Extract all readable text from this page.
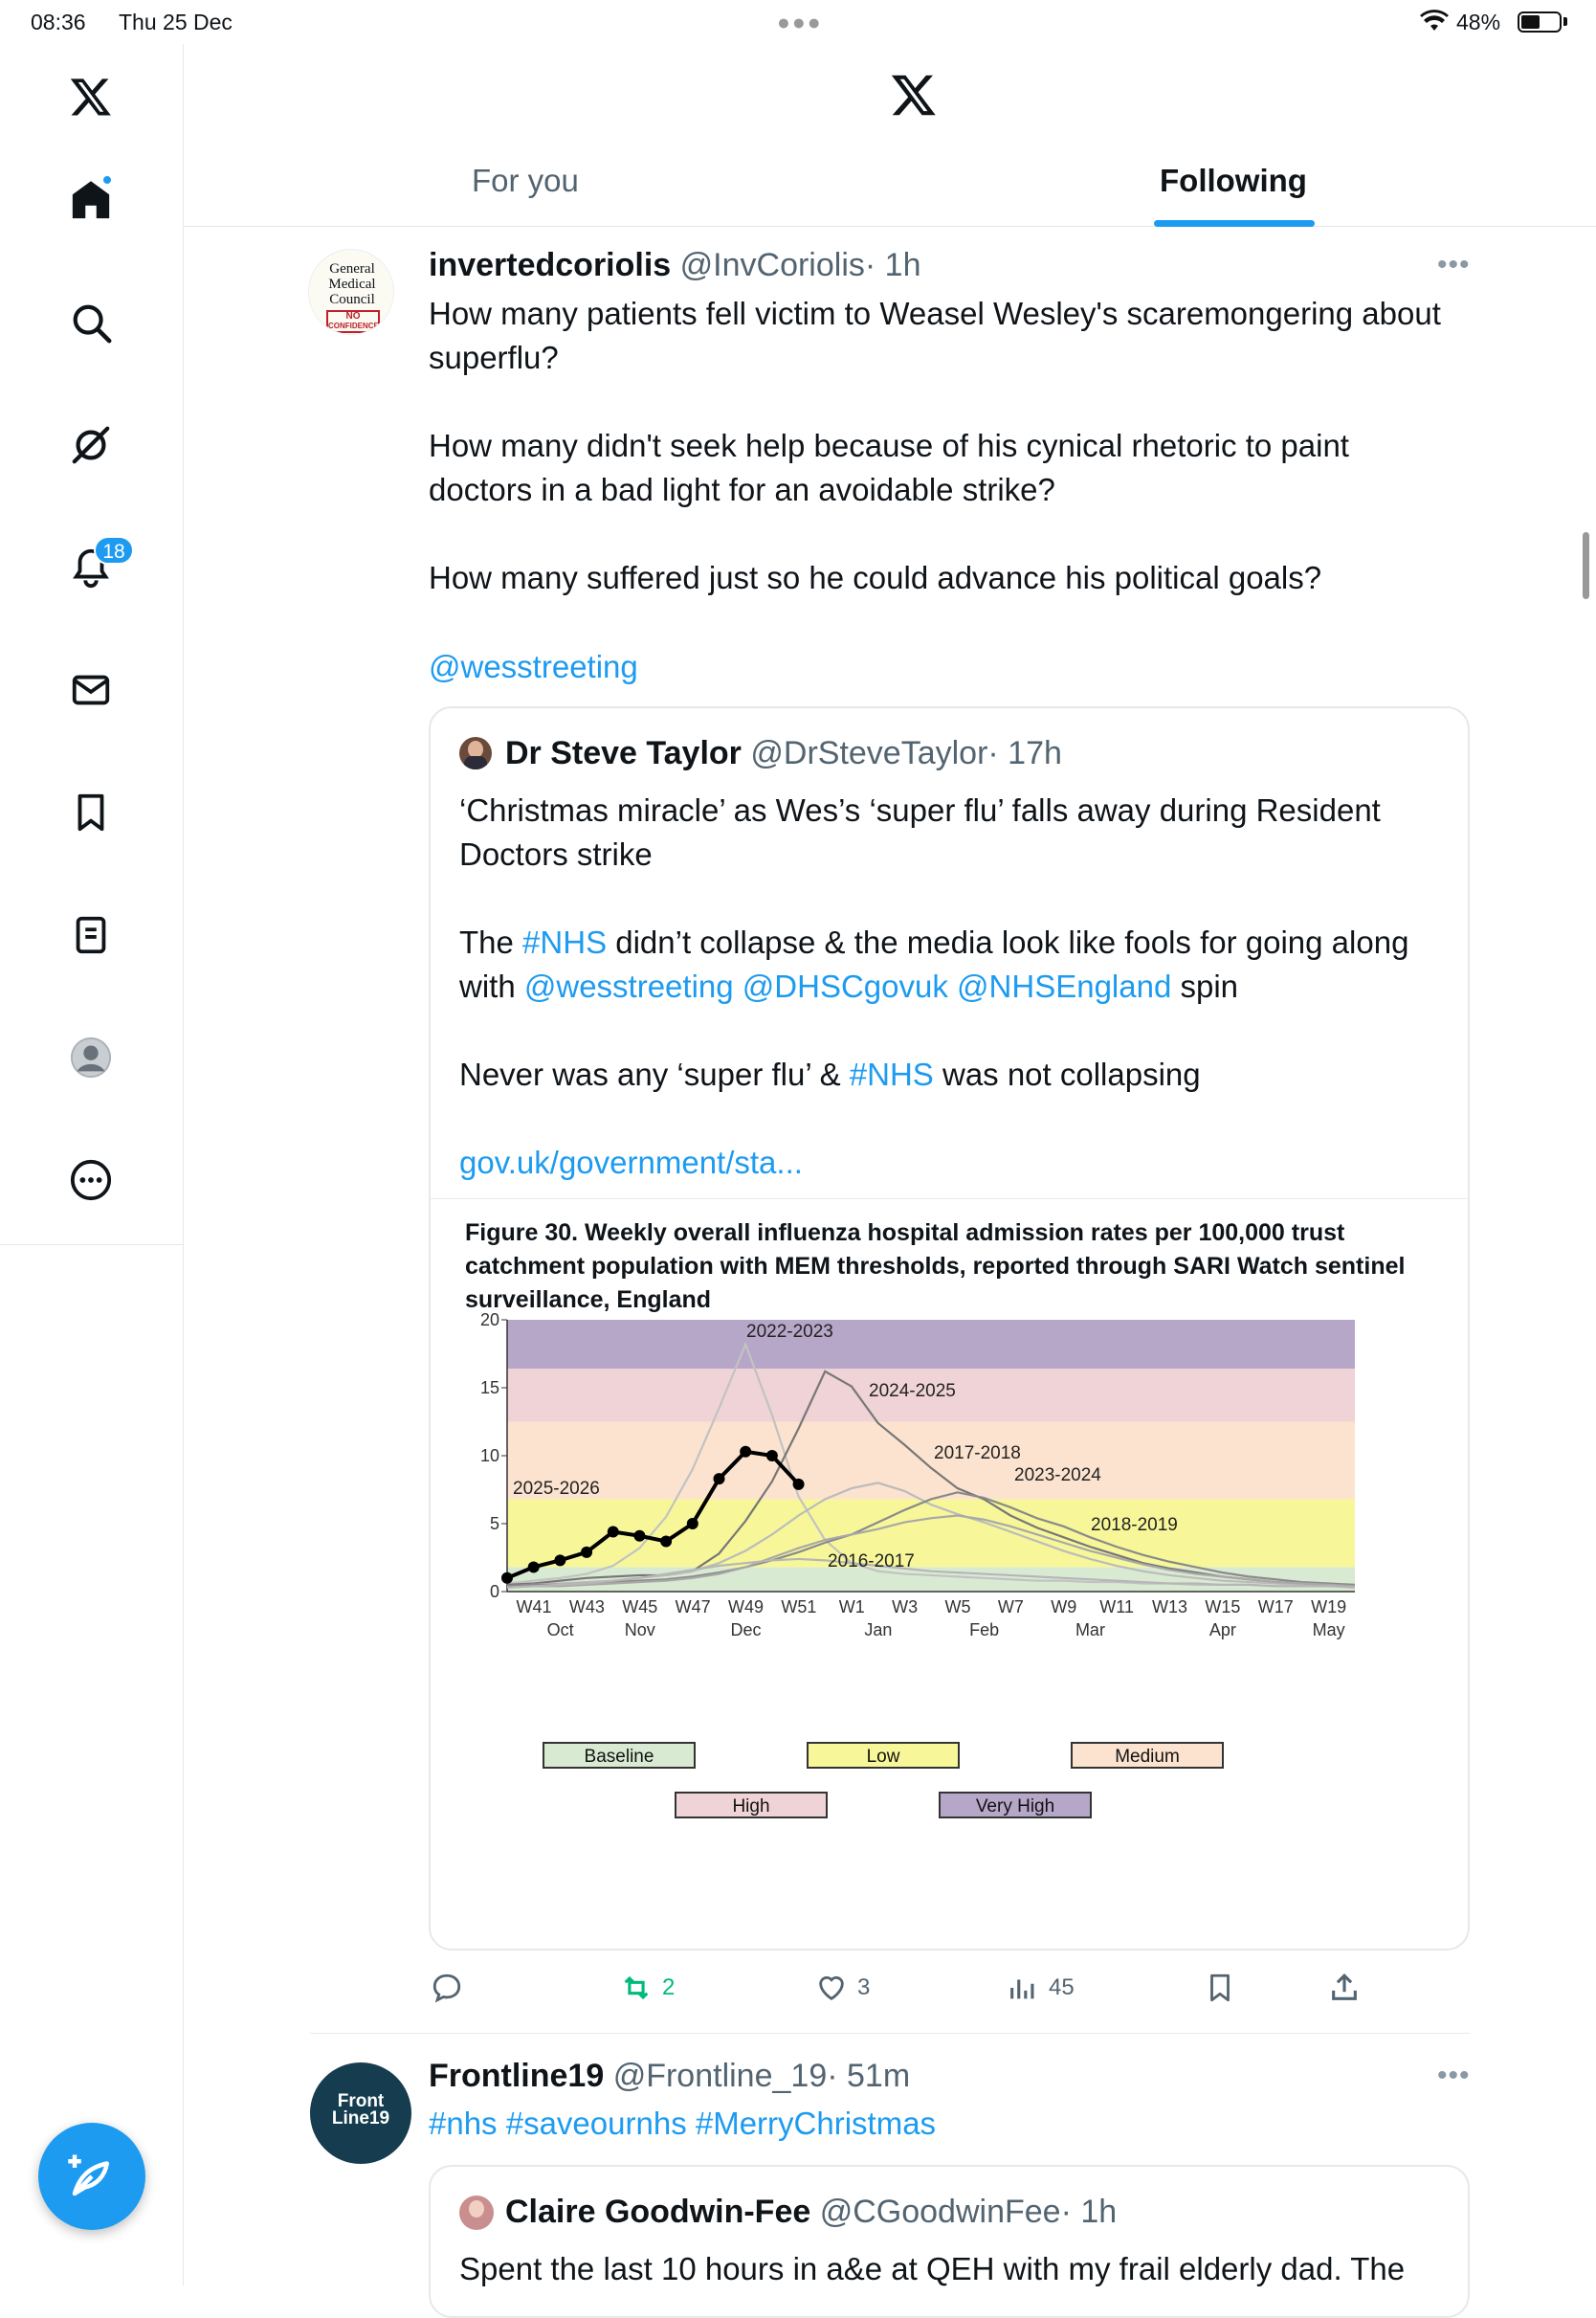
08:36 Thu 25 Dec	●●●	48%
18
For you	Following
General
Medical
Council
NO
CONFIDENCE
invertedcoriolis @InvCoriolis· 1h	•••
How many patients fell victim to Weasel Wesley's scaremongering about superflu?

How many didn't seek help because of his cynical rhetoric to paint doctors in a bad light for an avoidable strike?

How many suffered just so he could advance his political goals?
@wesstreeting
Dr Steve Taylor @DrSteveTaylor· 17h
‘Christmas miracle’ as Wes’s ‘super flu’ falls away during Resident Doctors strike
The #NHS didn’t collapse & the media look like fools for going along with @wesstreeting @DHSCgovuk @NHSEngland spin
Never was any ‘super flu’ & #NHS was not collapsing
gov.uk/government/sta...
Figure 30. Weekly overall influenza hospital admission rates per 100,000 trust catchment population with MEM thresholds, reported through SARI Watch sentinel surveillance, England
0
5
10
15
20
W41 W43 W45 W47 W49 W51 W1 W3 W5 W7 W9 W11 W13 W15 W17 W19
Oct	Nov	Dec	Jan	Feb	Mar	Apr	May
2025-2026
2022-2023
2024-2025
2017-2018
2023-2024
2018-2019
2016-2017
Baseline	Low	Medium
High	Very High
2	3	45
Front
Line19
Frontline19 @Frontline_19· 51m	•••
#nhs #saveournhs #MerryChristmas
Claire Goodwin-Fee @CGoodwinFee· 1h
Spent the last 10 hours in a&e at QEH with my frail elderly dad. The
